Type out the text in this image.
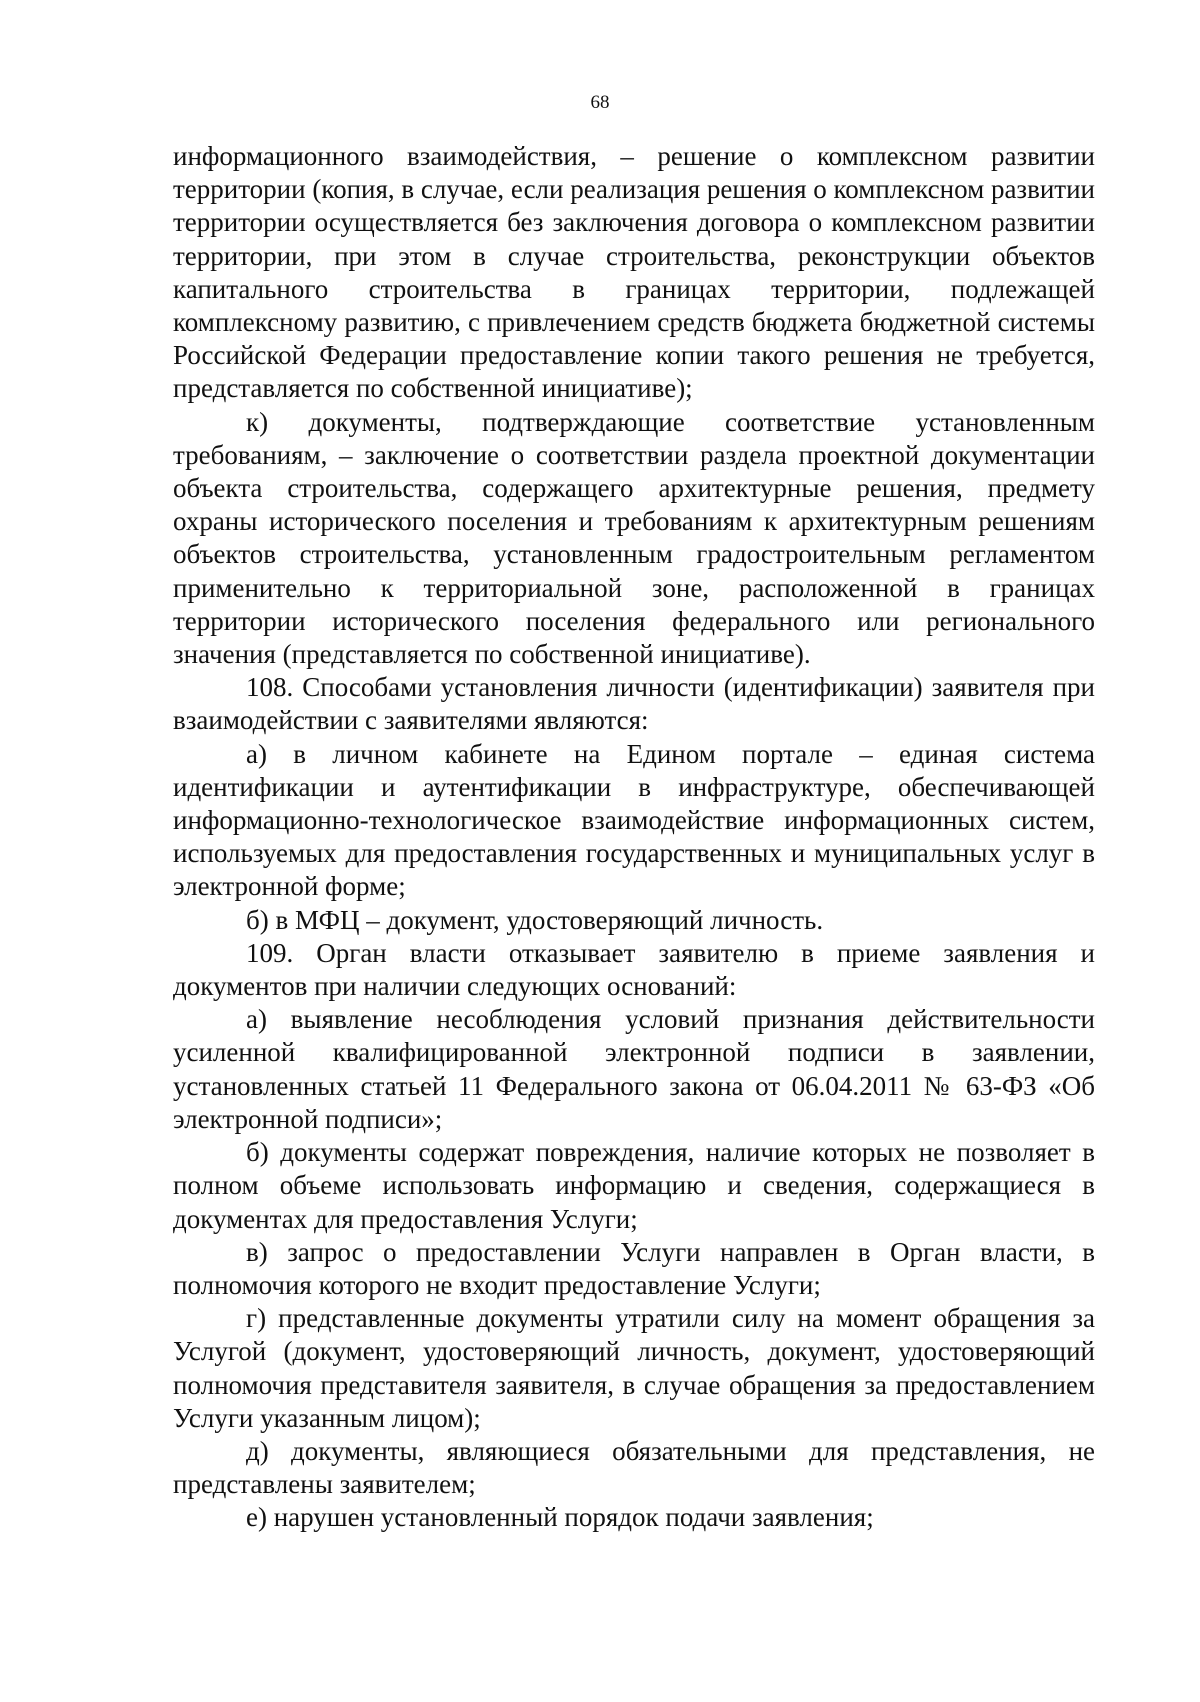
68

информационного взаимодействия, – решение о комплексном развитии территории (копия, в случае, если реализация решения о комплексном развитии территории осуществляется без заключения договора о комплексном развитии территории, при этом в случае строительства, реконструкции объектов капитального строительства в границах территории, подлежащей комплексному развитию, с привлечением средств бюджета бюджетной системы Российской Федерации предоставление копии такого решения не требуется, представляется по собственной инициативе);

к) документы, подтверждающие соответствие установленным требованиям, – заключение о соответствии раздела проектной документации объекта строительства, содержащего архитектурные решения, предмету охраны исторического поселения и требованиям к архитектурным решениям объектов строительства, установленным градостроительным регламентом применительно к территориальной зоне, расположенной в границах территории исторического поселения федерального или регионального значения (представляется по собственной инициативе).

108. Способами установления личности (идентификации) заявителя при взаимодействии с заявителями являются:

а) в личном кабинете на Едином портале – единая система идентификации и аутентификации в инфраструктуре, обеспечивающей информационно-технологическое взаимодействие информационных систем, используемых для предоставления государственных и муниципальных услуг в электронной форме;

б) в МФЦ – документ, удостоверяющий личность.

109. Орган власти отказывает заявителю в приеме заявления и документов при наличии следующих оснований:

а) выявление несоблюдения условий признания действительности усиленной квалифицированной электронной подписи в заявлении, установленных статьей 11 Федерального закона от 06.04.2011 № 63-ФЗ «Об электронной подписи»;

б) документы содержат повреждения, наличие которых не позволяет в полном объеме использовать информацию и сведения, содержащиеся в документах для предоставления Услуги;

в) запрос о предоставлении Услуги направлен в Орган власти, в полномочия которого не входит предоставление Услуги;

г) представленные документы утратили силу на момент обращения за Услугой (документ, удостоверяющий личность, документ, удостоверяющий полномочия представителя заявителя, в случае обращения за предоставлением Услуги указанным лицом);

д) документы, являющиеся обязательными для представления, не представлены заявителем;

е) нарушен установленный порядок подачи заявления;
